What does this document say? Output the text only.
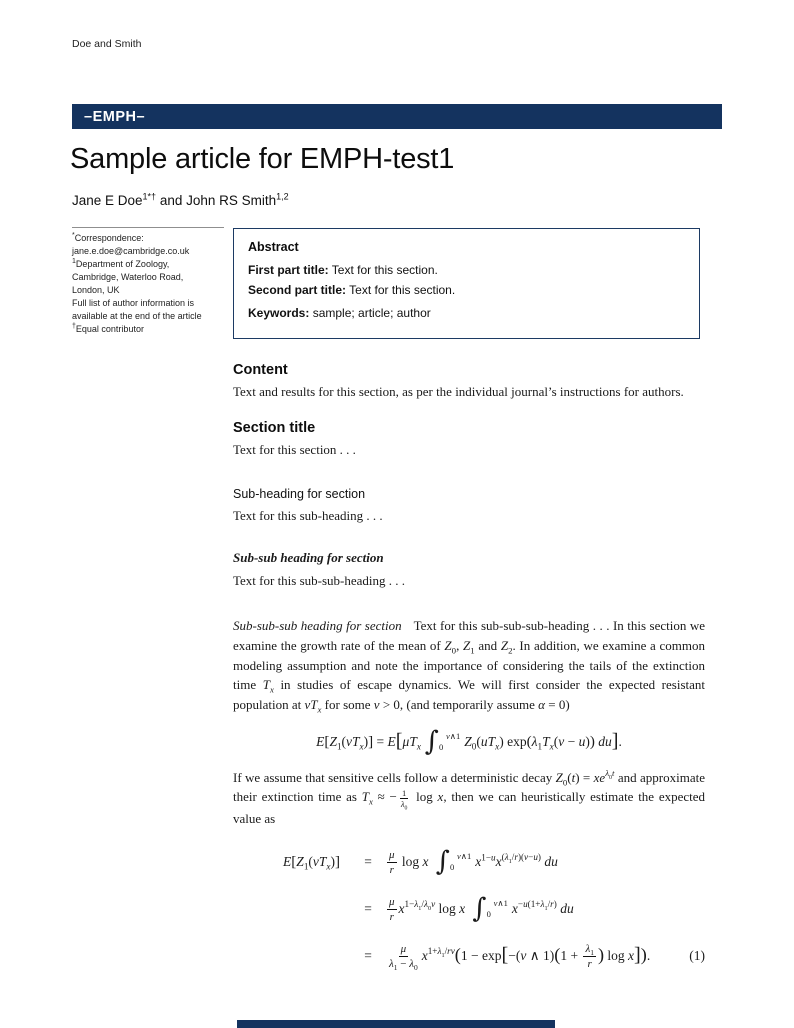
Doe and Smith
–EMPH–
Sample article for EMPH-test1
Jane E Doe$^{1*\dagger}$ and John RS Smith$^{1,2}$
*Correspondence:
jane.e.doe@cambridge.co.uk
$^1$Department of Zoology,
Cambridge, Waterloo Road,
London, UK
Full list of author information is
available at the end of the article
†Equal contributor
Abstract

First part title: Text for this section.

Second part title: Text for this section.

Keywords: sample; article; author

Content

Text and results for this section, as per the individual journal’s instructions for authors.

Section title

Text for this section . . .

Sub-heading for section

Text for this sub-heading . . .

Sub-sub heading for section

Text for this sub-sub-heading . . .

Sub-sub-sub heading for section Text for this sub-sub-sub-heading . . . In this section we examine the growth rate of the mean of $Z_0$, $Z_1$ and $Z_2$. In addition, we examine a common modeling assumption and note the importance of considering the tails of the extinction time $T_x$ in studies of escape dynamics. We will first consider the expected resistant population at $vT_x$ for some v > 0, (and temporarily assume α = 0)

$E[Z_1(vT_x)] = E[\mu T_x$ ∫ v∧1
0	$Z_0(uT_x) \exp(\lambda_1T_x(v - u))$ du].

If we assume that sensitive cells follow a deterministic decay $Z_0(t) = xe^{\lambda_0t}$ and approximate their extinction time as $T_x$ ≈ − $\frac{1}{\lambda_0}$ log x, then we can heuristically estimate the expected value as

$E[Z_1(vT_x)]$	=	$\frac{\mu}{r}$ log x ∫ v∧1
0	$x^{1-u}x^{(\lambda_1/r)(v-u)}$ du
=	$\frac{\mu}{r} x^{1-\lambda_1/\lambda_0v}$ log x ∫ v∧1
0	$x^{-u(1+\lambda_1/r)}$ du
=	$\frac{\mu}{\lambda_1 - \lambda_0} x^{1+\lambda_1/rv}(1 - \exp[-(v$ ∧ $1)(1 + \frac{\lambda_1}{r}$ ) log x]).	(1)
